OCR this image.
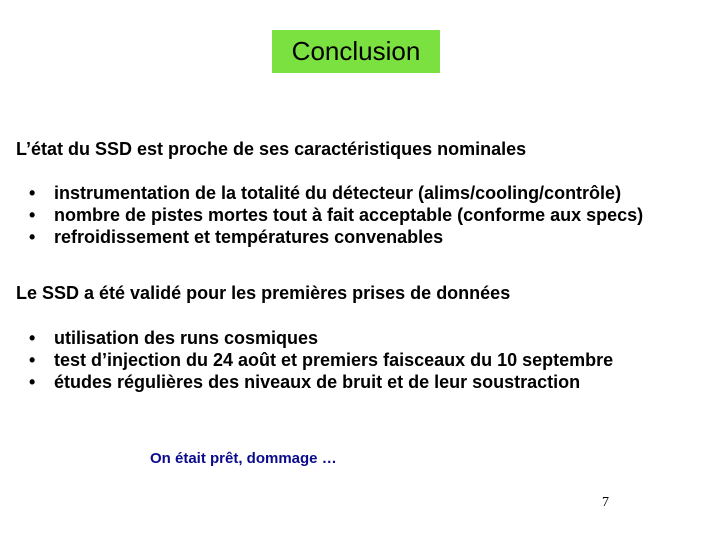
Conclusion
L’état du SSD est proche de ses caractéristiques nominales
• instrumentation de la totalité du détecteur (alims/cooling/contrôle)
• nombre de pistes mortes tout à fait acceptable (conforme aux specs)
• refroidissement et températures convenables
Le SSD a été validé pour les premières prises de données
• utilisation des runs cosmiques
• test d’injection du 24 août et premiers faisceaux du 10 septembre
• études régulières des niveaux de bruit et de leur soustraction
On était prêt, dommage …
7
